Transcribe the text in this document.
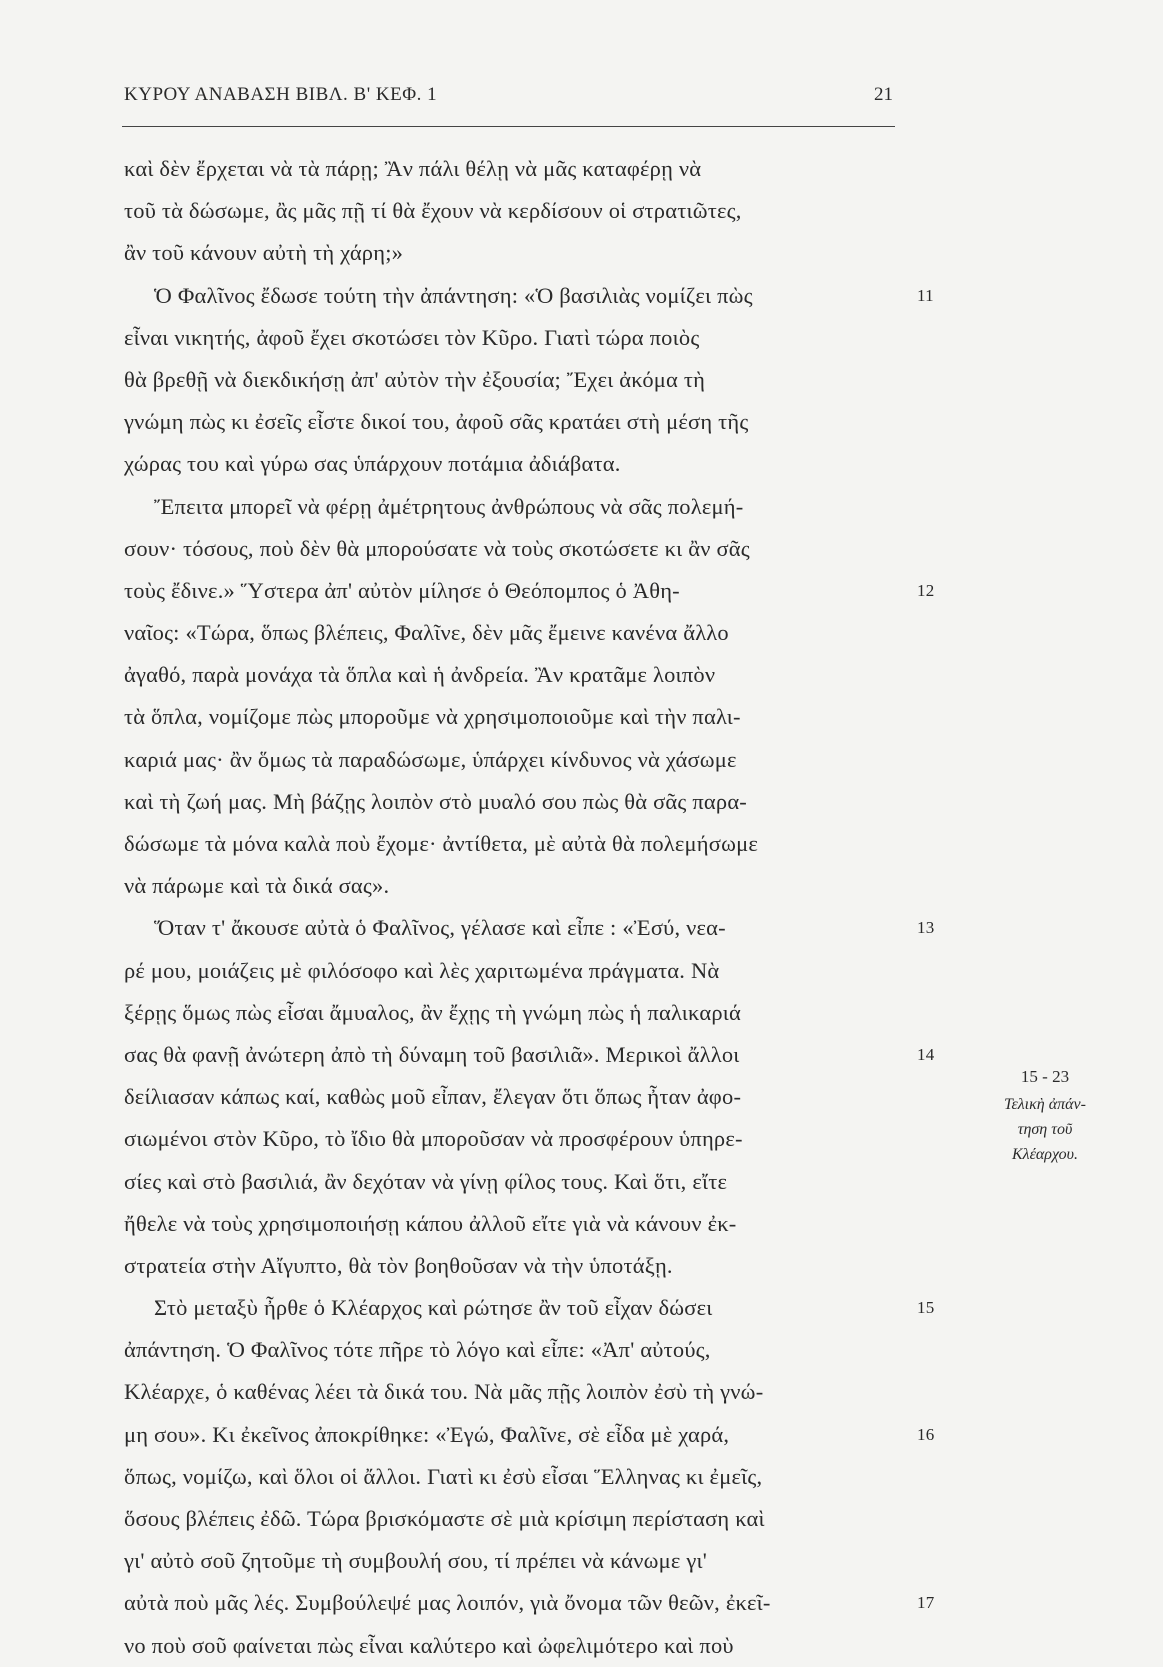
ΚΥΡΟΥ ΑΝΑΒΑΣΗ ΒΙΒΛ. Β' ΚΕΦ. 1	21
καὶ δὲν ἔρχεται νὰ τὰ πάρῃ; Ἂν πάλι θέλῃ νὰ μᾶς καταφέρῃ νὰ
τοῦ τὰ δώσωμε, ἂς μᾶς πῇ τί θὰ ἔχουν νὰ κερδίσουν οἱ στρατιῶτες,
ἂν τοῦ κάνουν αὐτὴ τὴ χάρη;»
Ὁ Φαλῖνος ἔδωσε τούτη τὴν ἀπάντηση: «Ὁ βασιλιὰς νομίζει πὼς	11
εἶναι νικητής, ἀφοῦ ἔχει σκοτώσει τὸν Κῦρο. Γιατὶ τώρα ποιὸς
θὰ βρεθῇ νὰ διεκδικήσῃ ἀπ' αὐτὸν τὴν ἐξουσία; Ἔχει ἀκόμα τὴ
γνώμη πὼς κι ἐσεῖς εἶστε δικοί του, ἀφοῦ σᾶς κρατάει στὴ μέση τῆς
χώρας του καὶ γύρω σας ὑπάρχουν ποτάμια ἀδιάβατα.
Ἔπειτα μπορεῖ νὰ φέρῃ ἀμέτρητους ἀνθρώπους νὰ σᾶς πολεμή-
σουν· τόσους, ποὺ δὲν θὰ μπορούσατε νὰ τοὺς σκοτώσετε κι ἂν σᾶς
τοὺς ἔδινε.» Ὕστερα ἀπ' αὐτὸν μίλησε ὁ Θεόπομπος ὁ Ἀθη-	12
ναῖος: «Τώρα, ὅπως βλέπεις, Φαλῖνε, δὲν μᾶς ἔμεινε κανένα ἄλλο
ἀγαθό, παρὰ μονάχα τὰ ὅπλα καὶ ἡ ἀνδρεία. Ἂν κρατᾶμε λοιπὸν
τὰ ὅπλα, νομίζομε πὼς μποροῦμε νὰ χρησιμοποιοῦμε καὶ τὴν παλι-
καριά μας· ἂν ὅμως τὰ παραδώσωμε, ὑπάρχει κίνδυνος νὰ χάσωμε
καὶ τὴ ζωή μας. Μὴ βάζῃς λοιπὸν στὸ μυαλό σου πὼς θὰ σᾶς παρα-
δώσωμε τὰ μόνα καλὰ ποὺ ἔχομε· ἀντίθετα, μὲ αὐτὰ θὰ πολεμήσωμε
νὰ πάρωμε καὶ τὰ δικά σας».
Ὅταν τ' ἄκουσε αὐτὰ ὁ Φαλῖνος, γέλασε καὶ εἶπε : «Ἐσύ, νεα-	13
ρέ μου, μοιάζεις μὲ φιλόσοφο καὶ λὲς χαριτωμένα πράγματα. Νὰ
ξέρῃς ὅμως πὼς εἶσαι ἄμυαλος, ἂν ἔχῃς τὴ γνώμη πὼς ἡ παλικαριά
σας θὰ φανῇ ἀνώτερη ἀπὸ τὴ δύναμη τοῦ βασιλιᾶ». Μερικοὶ ἄλλοι	14
δείλιασαν κάπως καί, καθὼς μοῦ εἶπαν, ἔλεγαν ὅτι ὅπως ἦταν ἀφο-
σιωμένοι στὸν Κῦρο, τὸ ἴδιο θὰ μποροῦσαν νὰ προσφέρουν ὑπηρε-
σίες καὶ στὸ βασιλιά, ἂν δεχόταν νὰ γίνῃ φίλος τους. Καὶ ὅτι, εἴτε
ἤθελε νὰ τοὺς χρησιμοποιήσῃ κάπου ἀλλοῦ εἴτε γιὰ νὰ κάνουν ἐκ-
στρατεία στὴν Αἴγυπτο, θὰ τὸν βοηθοῦσαν νὰ τὴν ὑποτάξῃ.
Στὸ μεταξὺ ἦρθε ὁ Κλέαρχος καὶ ρώτησε ἂν τοῦ εἶχαν δώσει	15
ἀπάντηση. Ὁ Φαλῖνος τότε πῆρε τὸ λόγο καὶ εἶπε: «Ἀπ' αὐτούς,
Κλέαρχε, ὁ καθένας λέει τὰ δικά του. Νὰ μᾶς πῇς λοιπὸν ἐσὺ τὴ γνώ-
μη σου». Κι ἐκεῖνος ἀποκρίθηκε: «Ἐγώ, Φαλῖνε, σὲ εἶδα μὲ χαρά,	16
ὅπως, νομίζω, καὶ ὅλοι οἱ ἄλλοι. Γιατὶ κι ἐσὺ εἶσαι Ἕλληνας κι ἐμεῖς,
ὅσους βλέπεις ἐδῶ. Τώρα βρισκόμαστε σὲ μιὰ κρίσιμη περίσταση καὶ
γι' αὐτὸ σοῦ ζητοῦμε τὴ συμβουλή σου, τί πρέπει νὰ κάνωμε γι'
αὐτὰ ποὺ μᾶς λές. Συμβούλεψέ μας λοιπόν, γιὰ ὄνομα τῶν θεῶν, ἐκεῖ-	17
νο ποὺ σοῦ φαίνεται πὼς εἶναι καλύτερο καὶ ὠφελιμότερο καὶ ποὺ
15 - 23
Τελικὴ ἀπάν-
τηση τοῦ
Κλέαρχου.
